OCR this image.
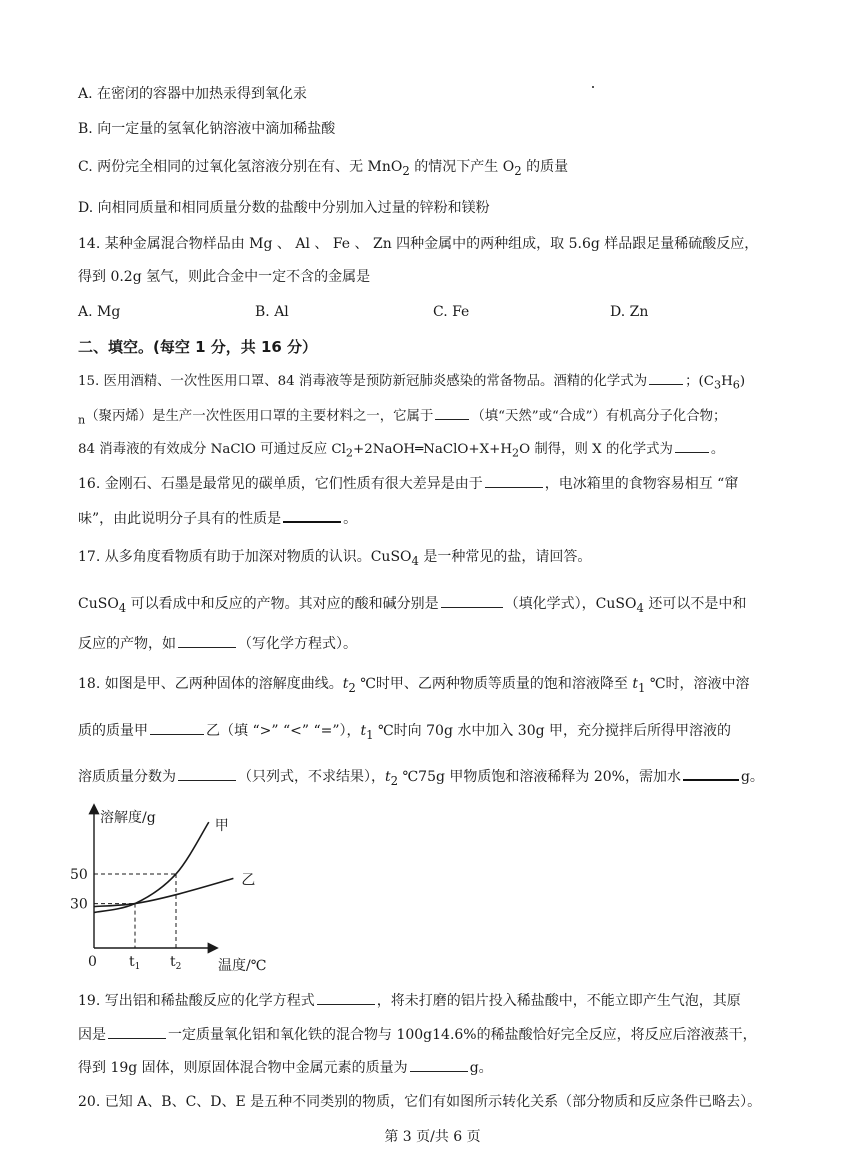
A. 在密闭的容器中加热汞得到氧化汞
B. 向一定量的氢氧化钠溶液中滴加稀盐酸
C. 两份完全相同的过氧化氢溶液分别在有、无 MnO$_2$ 的情况下产生 $O_2$ 的质量
D. 向相同质量和相同质量分数的盐酸中分别加入过量的锌粉和镁粉
14. 某种金属混合物样品由 Mg 、 Al 、 Fe 、 Zn 四种金属中的两种组成，取 5.6g 样品跟足量稀硫酸反应，
得到 0.2g 氢气，则此合金中一定不含的金属是
A. Mg	B. Al	C. Fe	D. Zn
二、填空。(每空 1 分，共 16 分）
15. 医用酒精、一次性医用口罩、84 消毒液等是预防新冠肺炎感染的常备物品。酒精的化学式为	；$(C_3H_6)$
$_n$（聚丙烯）是生产一次性医用口罩的主要材料之一，它属于	（填“天然”或“合成”）有机高分子化合物；
84 消毒液的有效成分 NaClO 可通过反应 $Cl_2+2NaOH═NaClO+X+H_2O$ 制得，则 X 的化学式为	。
16. 金刚石、石墨是最常见的碳单质，它们性质有很大差异是由于	，电冰箱里的食物容易相互 “窜
味”，由此说明分子具有的性质是	。
17. 从多角度看物质有助于加深对物质的认识。CuSO$_4$ 是一种常见的盐，请回答。
CuSO$_4$ 可以看成中和反应的产物。其对应的酸和碱分别是	（填化学式），CuSO$_4$ 还可以不是中和
反应的产物，如	（写化学方程式）。
18. 如图是甲、乙两种固体的溶解度曲线。$t_2$ ℃时甲、乙两种物质等质量的饱和溶液降至 $t_1$ ℃时，溶液中溶
质的质量甲	乙（填 “>” “<” “=”），$t_1$ ℃时向 70g 水中加入 30g 甲，充分搅拌后所得甲溶液的
溶质质量分数为	（只列式，不求结果），$t_2$ ℃75g 甲物质饱和溶液稀释为 20%，需加水	g。
溶解度/g
温度/℃
0
30
50
$t_1$ $t_2$
甲
乙
19. 写出铝和稀盐酸反应的化学方程式	，将未打磨的铝片投入稀盐酸中，不能立即产生气泡，其原
因是	一定质量氧化铝和氧化铁的混合物与 100g14.6%的稀盐酸恰好完全反应，将反应后溶液蒸干，
得到 19g 固体，则原固体混合物中金属元素的质量为	g。
20. 已知 A、B、C、D、E 是五种不同类别的物质，它们有如图所示转化关系（部分物质和反应条件已略去）。
第 3 页/共 6 页
